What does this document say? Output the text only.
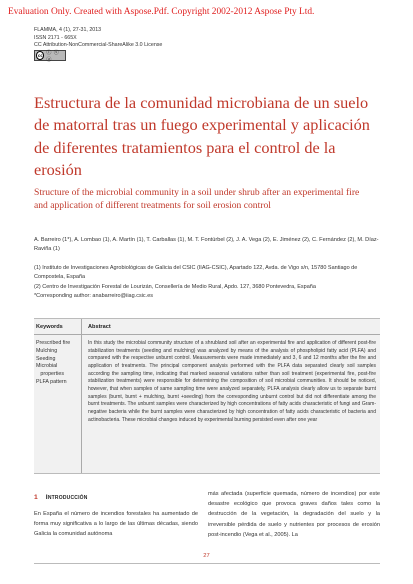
Evaluation Only. Created with Aspose.Pdf. Copyright 2002-2012 Aspose Pty Ltd.
FLAMMA, 4 (1), 27-31, 2013
ISSN 2171 - 665X
CC Attribution-NonCommercial-ShareAlike 3.0 License
cc ⓘ ⓢ ⓐ
Estructura de la comunidad microbiana de un suelo de matorral tras un fuego experimental y aplicación de diferentes tratamientos para el control de la erosión
Structure of the microbial community in a soil under shrub after an experimental fire and application of different treatments for soil erosion control
A. Barreiro (1*), A. Lombao (1), A. Martín (1), T. Carballas (1), M. T. Fontúrbel (2), J. A. Vega (2), E. Jiménez (2), C. Fernández (2), M. Díaz-Raviña (1)
(1) Instituto de Investigaciones Agrobiológicas de Galicia del CSIC (IIAG-CSIC), Apartado 122, Avda. de Vigo s/n, 15780 Santiago de Compostela, España
(2) Centro de Investigación Forestal de Lourizán, Consellería de Medio Rural, Apdo. 127, 3680 Pontevedra, España
*Corresponding author: anabarreiro@iiag.csic.es
Keywords	Abstract
Prescribed fire
Mulching
Seeding
Microbial
properties
PLFA pattern
In this study the microbial community structure of a shrubland soil after an experimental fire and application of different post-fire stabilization treatments (seeding and mulching) was analyzed by means of the analysis of phospholipid fatty acid (PLFA) and compared with the respective unburnt control. Measurements were made immediately and 3, 6 and 12 months after the fire and application of treatments. The principal component analysis performed with the PLFA data separated clearly soil samples according the sampling time, indicating that marked seasonal variations rather than soil treatment (experimental fire, post-fire stabilization treatments) were responsible for determining the composition of soil microbial communities. It should be noticed, however, that when samples of same sampling time were analyzed separately, PLFA analysis clearly allow us to separate burnt samples (burnt, burnt + mulching, burnt +seeding) from the corresponding unburnt control but did not differentiate among the burnt treatments. The unburnt samples were characterized by high concentrations of fatty acids characteristic of fungi and Gram-negative bacteria while the burnt samples were characterized by high concentration of fatty acids characteristic of bacteria and actinobacteria. These microbial changes induced by experimental burning persisted even after one year
1 Introducción
En España el número de incendios forestales ha aumentado de forma muy significativa a lo largo de las últimas décadas, siendo Galicia la comunidad autónoma
más afectada (superficie quemada, número de incendios) por este desastre ecológico que provoca graves daños tales como la destrucción de la vegetación, la degradación del suelo y la irreversible pérdida de suelo y nutrientes por procesos de erosión post-incendio (Vega et al., 2005). La
27
